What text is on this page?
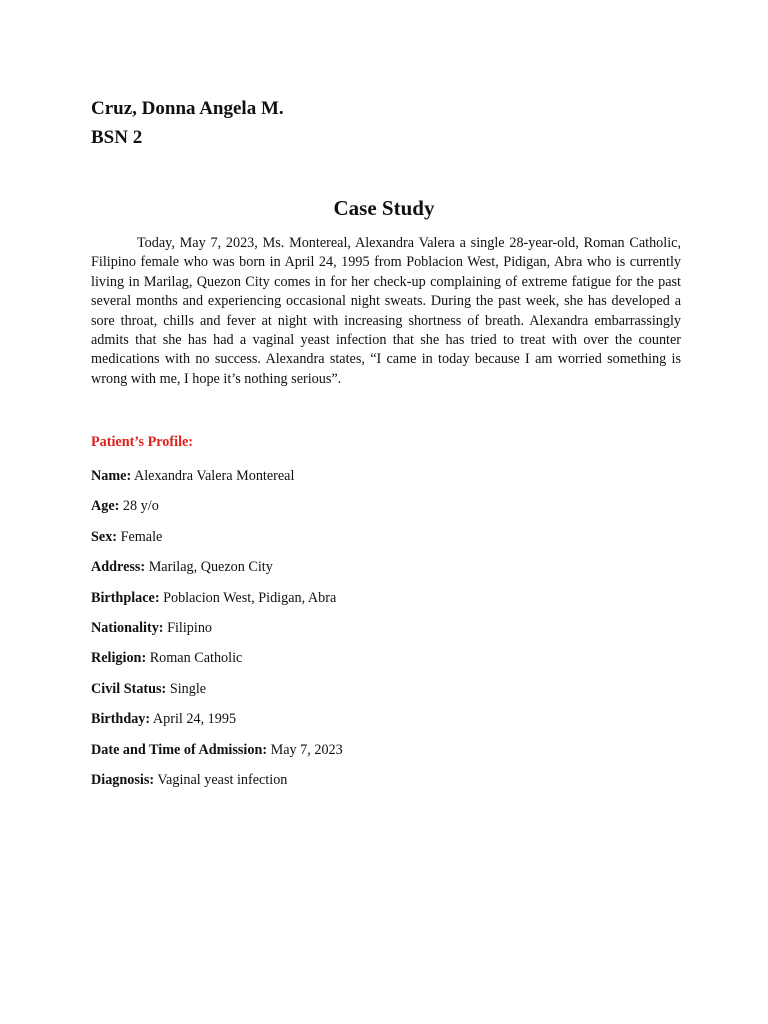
Cruz, Donna Angela M.
BSN 2
Case Study

Today, May 7, 2023, Ms. Montereal, Alexandra Valera a single 28-year-old, Roman Catholic, Filipino female who was born in April 24, 1995 from Poblacion West, Pidigan, Abra who is currently living in Marilag, Quezon City comes in for her check-up complaining of extreme fatigue for the past several months and experiencing occasional night sweats. During the past week, she has developed a sore throat, chills and fever at night with increasing shortness of breath. Alexandra embarrassingly admits that she has had a vaginal yeast infection that she has tried to treat with over the counter medications with no success. Alexandra states, “I came in today because I am worried something is wrong with me, I hope it’s nothing serious”.

Patient’s Profile:
Name: Alexandra Valera Montereal
Age: 28 y/o
Sex: Female
Address: Marilag, Quezon City
Birthplace: Poblacion West, Pidigan, Abra
Nationality: Filipino
Religion: Roman Catholic
Civil Status: Single
Birthday: April 24, 1995
Date and Time of Admission: May 7, 2023
Diagnosis: Vaginal yeast infection
